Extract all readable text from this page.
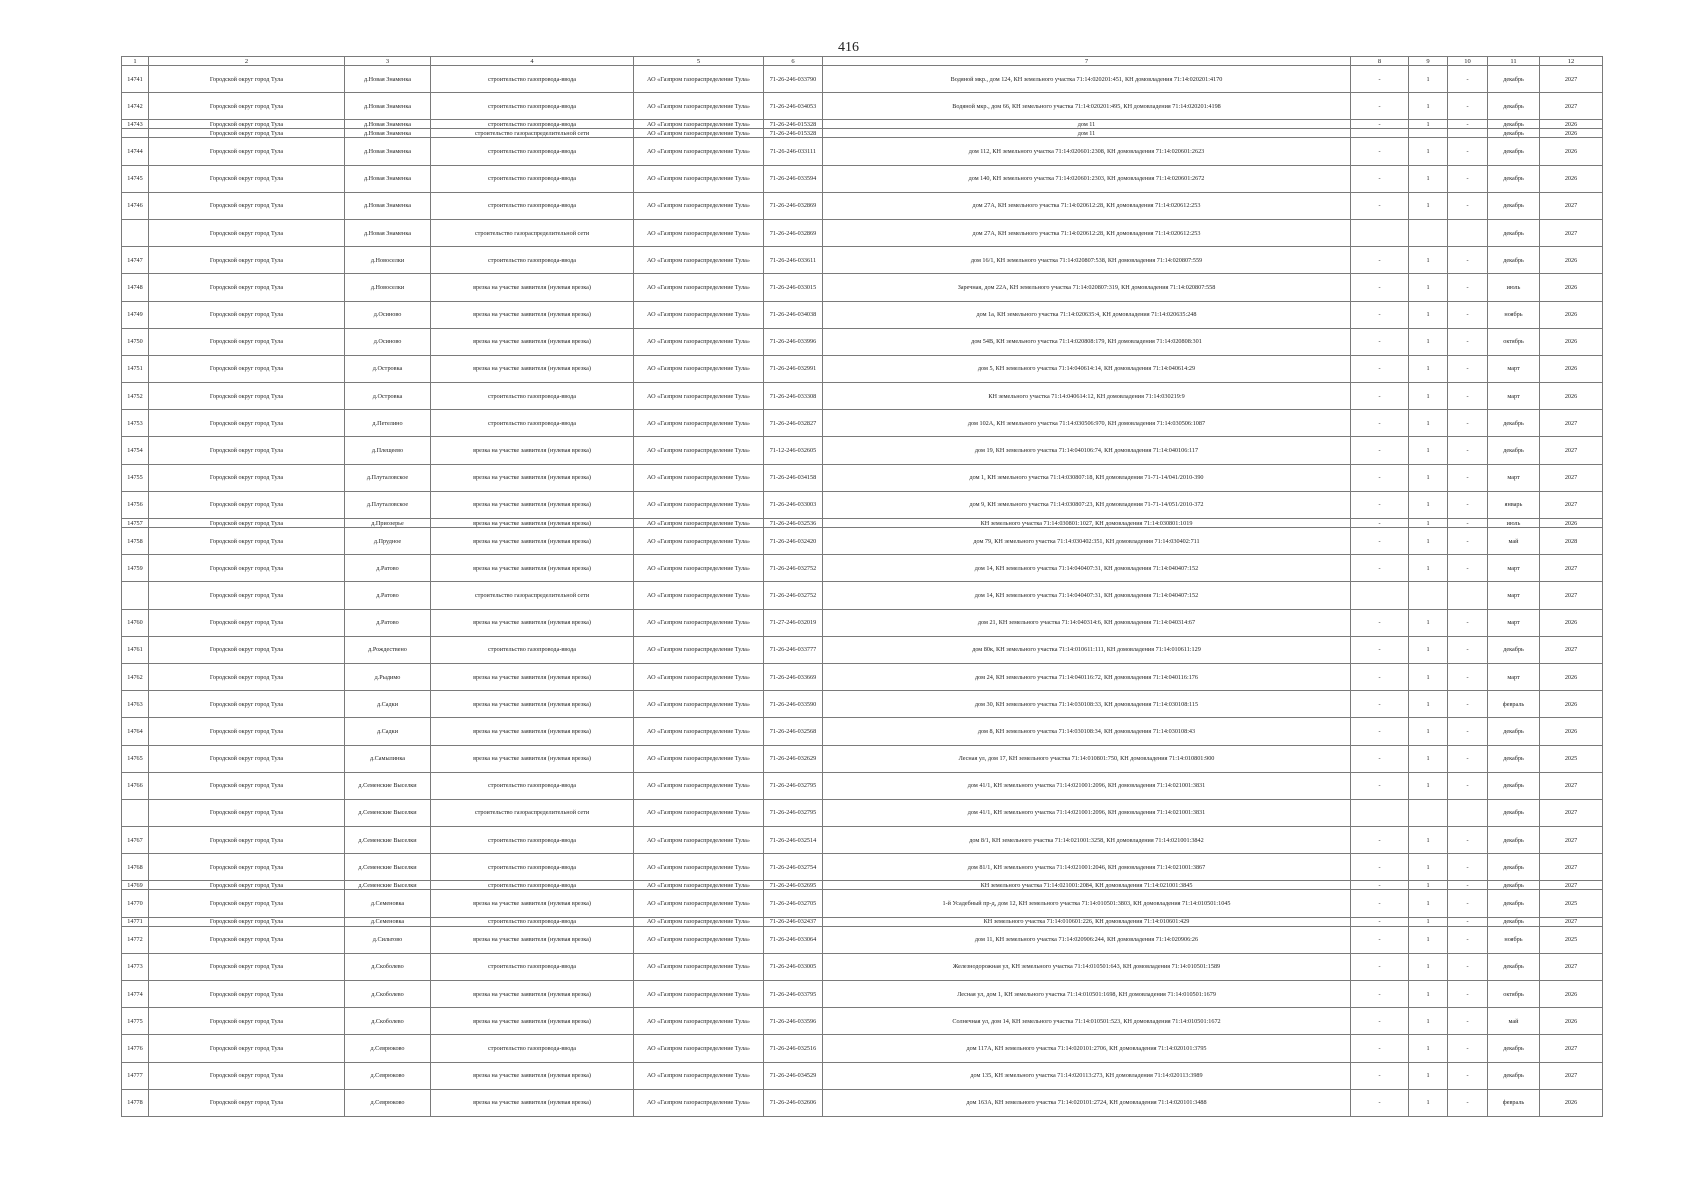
416
1	2	3	4	5	6	7	8	9	10	11	12
14741	Городской округ город Тула	д.Новая Знаменка	строительство газопровода-ввода	АО «Газпром газораспределение Тула»	71-26-246-033790	Водяной мкр., дом 124, КН земельного участка 71:14:020201:451, КН домовладения 71:14:020201:4170	-	1	-	декабрь	2027
14742	Городской округ город Тула	д.Новая Знаменка	строительство газопровода-ввода	АО «Газпром газораспределение Тула»	71-26-246-034053	Водяной мкр., дом 66, КН земельного участка 71:14:020201:495, КН домовладения 71:14:020201:4198	-	1	-	декабрь	2027
14743	Городской округ город Тула	д.Новая Знаменка	строительство газопровода-ввода	АО «Газпром газораспределение Тула»	71-26-246-015328	дом 11	-	1	-	декабрь	2026
	Городской округ город Тула	д.Новая Знаменка	строительство газораспределительной сети	АО «Газпром газораспределение Тула»	71-26-246-015328	дом 11				декабрь	2026
14744	Городской округ город Тула	д.Новая Знаменка	строительство газопровода-ввода	АО «Газпром газораспределение Тула»	71-26-246-033111	дом 112, КН земельного участка 71:14:020601:2308, КН домовладения 71:14:020601:2623	-	1	-	декабрь	2026
14745	Городской округ город Тула	д.Новая Знаменка	строительство газопровода-ввода	АО «Газпром газораспределение Тула»	71-26-246-033594	дом 140, КН земельного участка 71:14:020601:2303, КН домовладения 71:14:020601:2672	-	1	-	декабрь	2026
14746	Городской округ город Тула	д.Новая Знаменка	строительство газопровода-ввода	АО «Газпром газораспределение Тула»	71-26-246-032869	дом 27А, КН земельного участка 71:14:020612:28, КН домовладения 71:14:020612:253	-	1	-	декабрь	2027
	Городской округ город Тула	д.Новая Знаменка	строительство газораспределительной сети	АО «Газпром газораспределение Тула»	71-26-246-032869	дом 27А, КН земельного участка 71:14:020612:28, КН домовладения 71:14:020612:253				декабрь	2027
14747	Городской округ город Тула	д.Новоселки	строительство газопровода-ввода	АО «Газпром газораспределение Тула»	71-26-246-033611	дом 16/1, КН земельного участка 71:14:020807:538, КН домовладения 71:14:020807:559	-	1	-	декабрь	2026
14748	Городской округ город Тула	д.Новоселки	врезка на участке заявителя (нулевая врезка)	АО «Газпром газораспределение Тула»	71-26-246-033015	Заречная, дом 22А, КН земельного участка 71:14:020807:319, КН домовладения 71:14:020807:558	-	1	-	июль	2026
14749	Городской округ город Тула	д.Осиново	врезка на участке заявителя (нулевая врезка)	АО «Газпром газораспределение Тула»	71-26-246-034038	дом 1а, КН земельного участка 71:14:020635:4, КН домовладения 71:14:020635:248	-	1	-	ноябрь	2026
14750	Городской округ город Тула	д.Осиново	врезка на участке заявителя (нулевая врезка)	АО «Газпром газораспределение Тула»	71-26-246-033996	дом 54В, КН земельного участка 71:14:020808:179, КН домовладения 71:14:020808:301	-	1	-	октябрь	2026
14751	Городской округ город Тула	д.Островка	врезка на участке заявителя (нулевая врезка)	АО «Газпром газораспределение Тула»	71-26-246-032991	дом 5, КН земельного участка 71:14:040614:14, КН домовладения 71:14:040614:29	-	1	-	март	2026
14752	Городской округ город Тула	д.Островка	строительство газопровода-ввода	АО «Газпром газораспределение Тула»	71-26-246-033308	КН земельного участка 71:14:040614:12, КН домовладения 71:14:030219:9	-	1	-	март	2026
14753	Городской округ город Тула	д.Петелино	строительство газопровода-ввода	АО «Газпром газораспределение Тула»	71-26-246-032827	дом 102А, КН земельного участка 71:14:030506:970, КН домовладения 71:14:030506:1087	-	1	-	декабрь	2027
14754	Городской округ город Тула	д.Плещеево	врезка на участке заявителя (нулевая врезка)	АО «Газпром газораспределение Тула»	71-12-246-032605	дом 19, КН земельного участка 71:14:040106:74, КН домовладения 71:14:040106:117	-	1	-	декабрь	2027
14755	Городской округ город Тула	д.Плуталовское	врезка на участке заявителя (нулевая врезка)	АО «Газпром газораспределение Тула»	71-26-246-034158	дом 1, КН земельного участка 71:14:030807:18, КН домовладения 71-71-14/041/2010-390	-	1	-	март	2027
14756	Городской округ город Тула	д.Плуталовское	врезка на участке заявителя (нулевая врезка)	АО «Газпром газораспределение Тула»	71-26-246-033003	дом 9, КН земельного участка 71:14:030807:23, КН домовладения 71-71-14/051/2010-372	-	1	-	январь	2027
14757	Городской округ город Тула	д.Приозерье	врезка на участке заявителя (нулевая врезка)	АО «Газпром газораспределение Тула»	71-26-246-032536	КН земельного участка 71:14:030801:1027, КН домовладения 71:14:030801:1019	-	1	-	июль	2026
14758	Городской округ город Тула	д.Прудное	врезка на участке заявителя (нулевая врезка)	АО «Газпром газораспределение Тула»	71-26-246-032420	дом 79, КН земельного участка 71:14:030402:351, КН домовладения 71:14:030402:711	-	1	-	май	2028
14759	Городской округ город Тула	д.Ратово	врезка на участке заявителя (нулевая врезка)	АО «Газпром газораспределение Тула»	71-26-246-032752	дом 14, КН земельного участка 71:14:040407:31, КН домовладения 71:14:040407:152	-	1	-	март	2027
	Городской округ город Тула	д.Ратово	строительство газораспределительной сети	АО «Газпром газораспределение Тула»	71-26-246-032752	дом 14, КН земельного участка 71:14:040407:31, КН домовладения 71:14:040407:152				март	2027
14760	Городской округ город Тула	д.Ратово	врезка на участке заявителя (нулевая врезка)	АО «Газпром газораспределение Тула»	71-27-246-032019	дом 21, КН земельного участка 71:14:040314:6, КН домовладения 71:14:040314:67	-	1	-	март	2026
14761	Городской округ город Тула	д.Рождествено	строительство газопровода-ввода	АО «Газпром газораспределение Тула»	71-26-246-033777	дом 80к, КН земельного участка 71:14:010611:111, КН домовладения 71:14:010611:129	-	1	-	декабрь	2027
14762	Городской округ город Тула	д.Рыдимо	врезка на участке заявителя (нулевая врезка)	АО «Газпром газораспределение Тула»	71-26-246-033669	дом 24, КН земельного участка 71:14:040116:72, КН домовладения 71:14:040116:176	-	1	-	март	2026
14763	Городской округ город Тула	д.Садки	врезка на участке заявителя (нулевая врезка)	АО «Газпром газораспределение Тула»	71-26-246-033590	дом 30, КН земельного участка 71:14:030108:33, КН домовладения 71:14:030108:115	-	1	-	февраль	2026
14764	Городской округ город Тула	д.Садки	врезка на участке заявителя (нулевая врезка)	АО «Газпром газораспределение Тула»	71-26-246-032568	дом 8, КН земельного участка 71:14:030108:34, КН домовладения 71:14:030108:43	-	1	-	декабрь	2026
14765	Городской округ город Тула	д.Самылинка	врезка на участке заявителя (нулевая врезка)	АО «Газпром газораспределение Тула»	71-26-246-032629	Лесная ул, дом 17, КН земельного участка 71:14:010801:750, КН домовладения 71:14:010801:900	-	1	-	декабрь	2025
14766	Городской округ город Тула	д.Семенские Выселки	строительство газопровода-ввода	АО «Газпром газораспределение Тула»	71-26-246-032795	дом 41/1, КН земельного участка 71:14:021001:2096, КН домовладения 71:14:021001:3831	-	1	-	декабрь	2027
	Городской округ город Тула	д.Семенские Выселки	строительство газораспределительной сети	АО «Газпром газораспределение Тула»	71-26-246-032795	дом 41/1, КН земельного участка 71:14:021001:2096, КН домовладения 71:14:021001:3831				декабрь	2027
14767	Городской округ город Тула	д.Семенские Выселки	строительство газопровода-ввода	АО «Газпром газораспределение Тула»	71-26-246-032514	дом 8/1, КН земельного участка 71:14:021001:3258, КН домовладения 71:14:021001:3842	-	1	-	декабрь	2027
14768	Городской округ город Тула	д.Семенские Выселки	строительство газопровода-ввода	АО «Газпром газораспределение Тула»	71-26-246-032754	дом 81/1, КН земельного участка 71:14:021001:2046, КН домовладения 71:14:021001:3867	-	1	-	декабрь	2027
14769	Городской округ город Тула	д.Семенские Выселки	строительство газопровода-ввода	АО «Газпром газораспределение Тула»	71-26-246-032695	КН земельного участка 71:14:021001:2084, КН домовладения 71:14:021001:3845	-	1	-	декабрь	2027
14770	Городской округ город Тула	д.Семеновка	врезка на участке заявителя (нулевая врезка)	АО «Газпром газораспределение Тула»	71-26-246-032705	1-й Усадебный пр-д, дом 12, КН земельного участка 71:14:010501:3803, КН домовладения 71:14:010501:1045	-	1	-	декабрь	2025
14771	Городской округ город Тула	д.Семеновка	строительство газопровода-ввода	АО «Газпром газораспределение Тула»	71-26-246-032437	КН земельного участка 71:14:010601:226, КН домовладения 71:14:010601:429	-	1	-	декабрь	2027
14772	Городской округ город Тула	д.Сильтово	врезка на участке заявителя (нулевая врезка)	АО «Газпром газораспределение Тула»	71-26-246-033064	дом 11, КН земельного участка 71:14:020906:244, КН домовладения 71:14:020906:26	-	1	-	ноябрь	2025
14773	Городской округ город Тула	д.Скоболево	строительство газопровода-ввода	АО «Газпром газораспределение Тула»	71-26-246-033005	Железнодорожная ул, КН земельного участка 71:14:010501:643, КН домовладения 71:14:010501:1589	-	1	-	декабрь	2027
14774	Городской округ город Тула	д.Скоболево	врезка на участке заявителя (нулевая врезка)	АО «Газпром газораспределение Тула»	71-26-246-033795	Лесная ул, дом 1, КН земельного участка 71:14:010501:1698, КН домовладения 71:14:010501:1679	-	1	-	октябрь	2026
14775	Городской округ город Тула	д.Скоболево	врезка на участке заявителя (нулевая врезка)	АО «Газпром газораспределение Тула»	71-26-246-033596	Солнечная ул, дом 14, КН земельного участка 71:14:010501:523, КН домовладения 71:14:010501:1672	-	1	-	май	2026
14776	Городской округ город Тула	д.Севрюково	строительство газопровода-ввода	АО «Газпром газораспределение Тула»	71-26-246-032516	дом 117А, КН земельного участка 71:14:020101:2706, КН домовладения 71:14:020101:3795	-	1	-	декабрь	2027
14777	Городской округ город Тула	д.Севрюково	врезка на участке заявителя (нулевая врезка)	АО «Газпром газораспределение Тула»	71-26-246-034529	дом 135, КН земельного участка 71:14:020113:273, КН домовладения 71:14:020113:3989	-	1	-	декабрь	2027
14778	Городской округ город Тула	д.Севрюково	врезка на участке заявителя (нулевая врезка)	АО «Газпром газораспределение Тула»	71-26-246-032606	дом 163А, КН земельного участка 71:14:020101:2724, КН домовладения 71:14:020101:3488	-	1	-	февраль	2026
